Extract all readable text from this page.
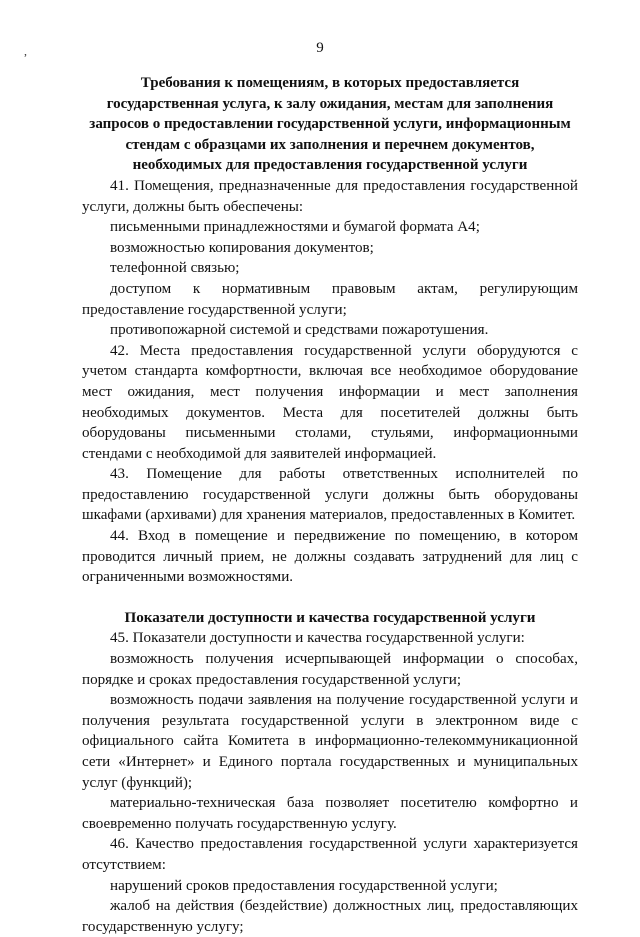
,	9

Требования к помещениям, в которых предоставляется государственная услуга, к залу ожидания, местам для заполнения запросов о предоставлении государственной услуги, информационным стендам с образцами их заполнения и перечнем документов, необходимых для предоставления государственной услуги

41. Помещения, предназначенные для предоставления государственной услуги, должны быть обеспечены:

письменными принадлежностями и бумагой формата А4;

возможностью копирования документов;

телефонной связью;

доступом к нормативным правовым актам, регулирующим предоставление государственной услуги;

противопожарной системой и средствами пожаротушения.

42. Места предоставления государственной услуги оборудуются с учетом стандарта комфортности, включая все необходимое оборудование мест ожидания, мест получения информации и мест заполнения необходимых документов. Места для посетителей должны быть оборудованы письменными столами, стульями, информационными стендами с необходимой для заявителей информацией.

43. Помещение для работы ответственных исполнителей по предоставлению государственной услуги должны быть оборудованы шкафами (архивами) для хранения материалов, предоставленных в Комитет.

44. Вход в помещение и передвижение по помещению, в котором проводится личный прием, не должны создавать затруднений для лиц с ограниченными возможностями.

Показатели доступности и качества государственной услуги

45. Показатели доступности и качества государственной услуги:

возможность получения исчерпывающей информации о способах, порядке и сроках предоставления государственной услуги;

возможность подачи заявления на получение государственной услуги и получения результата государственной услуги в электронном виде с официального сайта Комитета в информационно-телекоммуникационной сети «Интернет» и Единого портала государственных и муниципальных услуг (функций);

материально-техническая база позволяет посетителю комфортно и своевременно получать государственную услугу.

46. Качество предоставления государственной услуги характеризуется отсутствием:

нарушений сроков предоставления государственной услуги;

жалоб на действия (бездействие) должностных лиц, предоставляющих государственную услугу;
